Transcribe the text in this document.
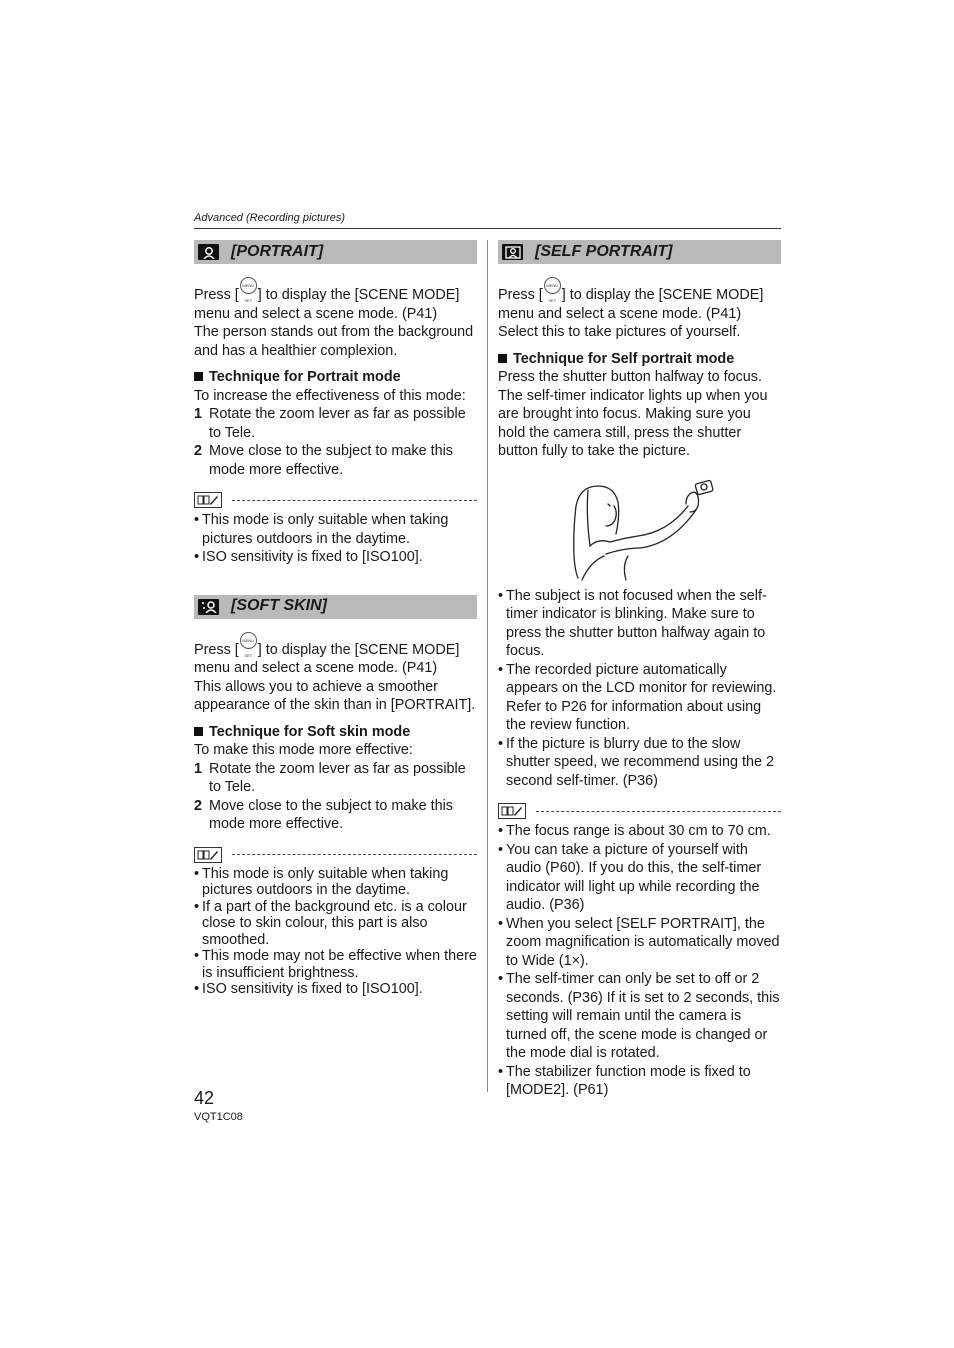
Advanced (Recording pictures)
[PORTRAIT]

Press [MENU
SET ] to display the [SCENE MODE] menu and select a scene mode. (P41)

The person stands out from the background and has a healthier complexion.

Technique for Portrait mode

To increase the effectiveness of this mode:

1 Rotate the zoom lever as far as possible to Tele.
2 Move close to the subject to make this mode more effective.
• This mode is only suitable when taking pictures outdoors in the daytime.
• ISO sensitivity is fixed to [ISO100].
[SOFT SKIN]

Press [MENU
SET ] to display the [SCENE MODE] menu and select a scene mode. (P41)

This allows you to achieve a smoother appearance of the skin than in [PORTRAIT].

Technique for Soft skin mode

To make this mode more effective:

1 Rotate the zoom lever as far as possible to Tele.
2 Move close to the subject to make this mode more effective.
• This mode is only suitable when taking pictures outdoors in the daytime.
• If a part of the background etc. is a colour close to skin colour, this part is also smoothed.
• This mode may not be effective when there is insufficient brightness.
• ISO sensitivity is fixed to [ISO100].
[SELF PORTRAIT]

Press [MENU
SET ] to display the [SCENE MODE] menu and select a scene mode. (P41)

Select this to take pictures of yourself.

Technique for Self portrait mode

Press the shutter button halfway to focus. The self-timer indicator lights up when you are brought into focus. Making sure you hold the camera still, press the shutter button fully to take the picture.

• The subject is not focused when the self-timer indicator is blinking. Make sure to press the shutter button halfway again to focus.
• The recorded picture automatically appears on the LCD monitor for reviewing. Refer to P26 for information about using the review function.
• If the picture is blurry due to the slow shutter speed, we recommend using the 2 second self-timer. (P36)
• The focus range is about 30 cm to 70 cm.
• You can take a picture of yourself with audio (P60). If you do this, the self-timer indicator will light up while recording the audio. (P36)
• When you select [SELF PORTRAIT], the zoom magnification is automatically moved to Wide (1×).
• The self-timer can only be set to off or 2 seconds. (P36) If it is set to 2 seconds, this setting will remain until the camera is turned off, the scene mode is changed or the mode dial is rotated.
• The stabilizer function mode is fixed to [MODE2]. (P61)
42
VQT1C08
